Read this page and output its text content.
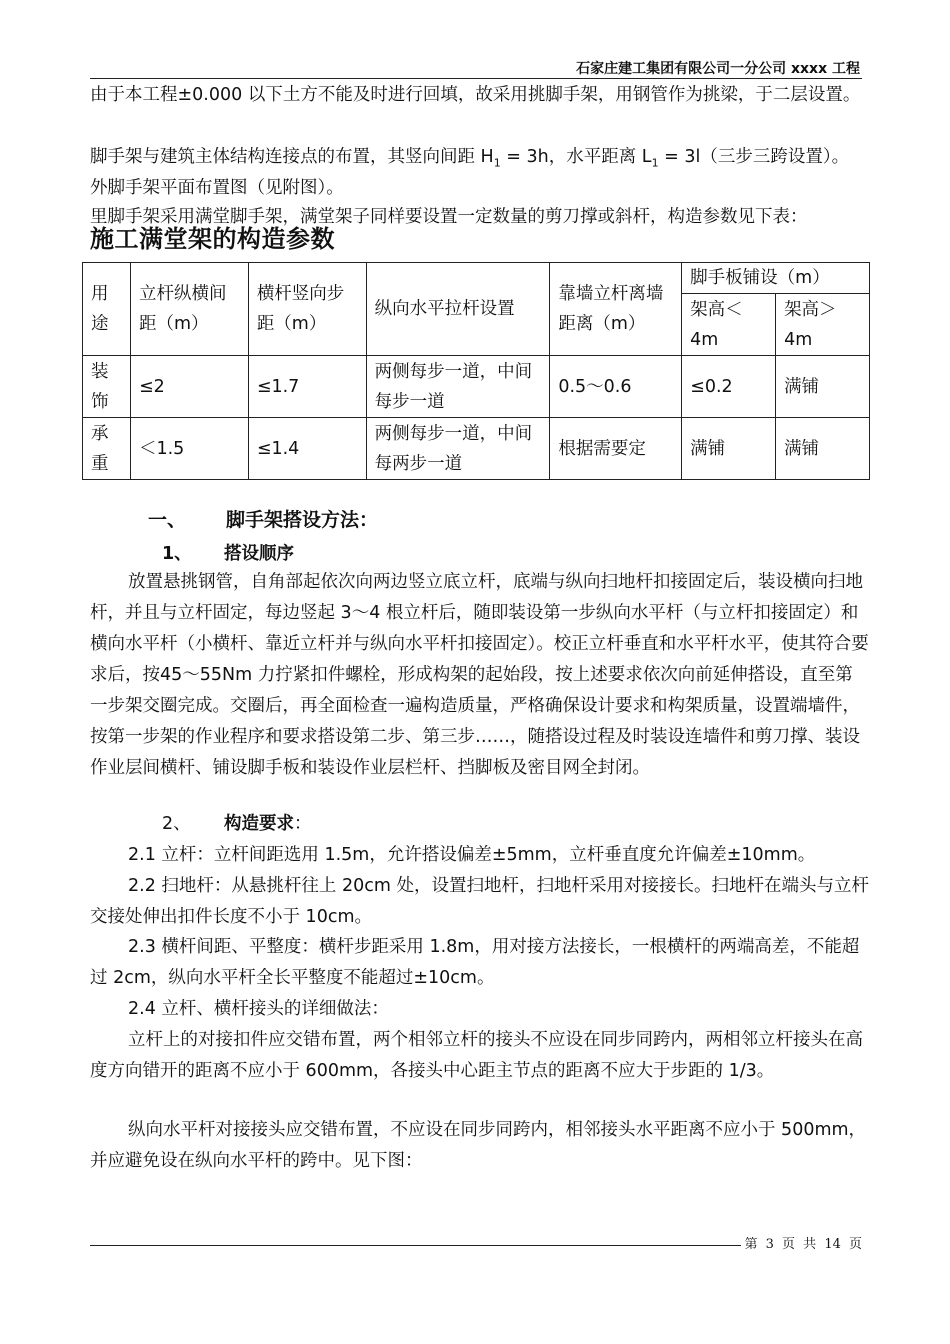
石家庄建工集团有限公司一分公司 xxxx 工程

由于本工程±0.000 以下土方不能及时进行回填，故采用挑脚手架，用钢管作为挑梁，于二层设置。

脚手架与建筑主体结构连接点的布置，其竖向间距 $H_1 = 3h$，水平距离 $L_1 = 3l$（三步三跨设置）。

外脚手架平面布置图（见附图）。

里脚手架采用满堂脚手架，满堂架子同样要设置一定数量的剪刀撑或斜杆，构造参数见下表：

施工满堂架的构造参数
用途	立杆纵横间距（m）	横杆竖向步距（m）	纵向水平拉杆设置	靠墙立杆离墙距离（m）	脚手板铺设（m）	
					架高＜4m	架高＞4m
装饰	≤2	≤1.7	两侧每步一道，中间每步一道	0.5～0.6	≤0.2	满铺
承重	＜1.5	≤1.4	两侧每步一道，中间每两步一道	根据需要定	满铺	满铺
一、 脚手架搭设方法：
1、 搭设顺序

放置悬挑钢管，自角部起依次向两边竖立底立杆，底端与纵向扫地杆扣接固定后，装设横向扫地杆，并且与立杆固定，每边竖起 3～4 根立杆后，随即装设第一步纵向水平杆（与立杆扣接固定）和横向水平杆（小横杆、靠近立杆并与纵向水平杆扣接固定）。校正立杆垂直和水平杆水平，使其符合要求后，按45～55Nm 力拧紧扣件螺栓，形成构架的起始段，按上述要求依次向前延伸搭设，直至第一步架交圈完成。交圈后，再全面检查一遍构造质量，严格确保设计要求和构架质量，设置端墙件，按第一步架的作业程序和要求搭设第二步、第三步……，随搭设过程及时装设连墙件和剪刀撑、装设作业层间横杆、铺设脚手板和装设作业层栏杆、挡脚板及密目网全封闭。

2、 构造要求：

2.1 立杆：立杆间距选用 1.5m，允许搭设偏差±5mm，立杆垂直度允许偏差±10mm。

2.2 扫地杆：从悬挑杆往上 20cm 处，设置扫地杆，扫地杆采用对接接长。扫地杆在端头与立杆交接处伸出扣件长度不小于 10cm。

2.3 横杆间距、平整度：横杆步距采用 1.8m，用对接方法接长，一根横杆的两端高差，不能超过 2cm，纵向水平杆全长平整度不能超过±10cm。

2.4 立杆、横杆接头的详细做法：

立杆上的对接扣件应交错布置，两个相邻立杆的接头不应设在同步同跨内，两相邻立杆接头在高度方向错开的距离不应小于 600mm，各接头中心距主节点的距离不应大于步距的 1/3。

纵向水平杆对接接头应交错布置，不应设在同步同跨内，相邻接头水平距离不应小于 500mm，并应避免设在纵向水平杆的跨中。见下图：

第 3 页 共 14 页
